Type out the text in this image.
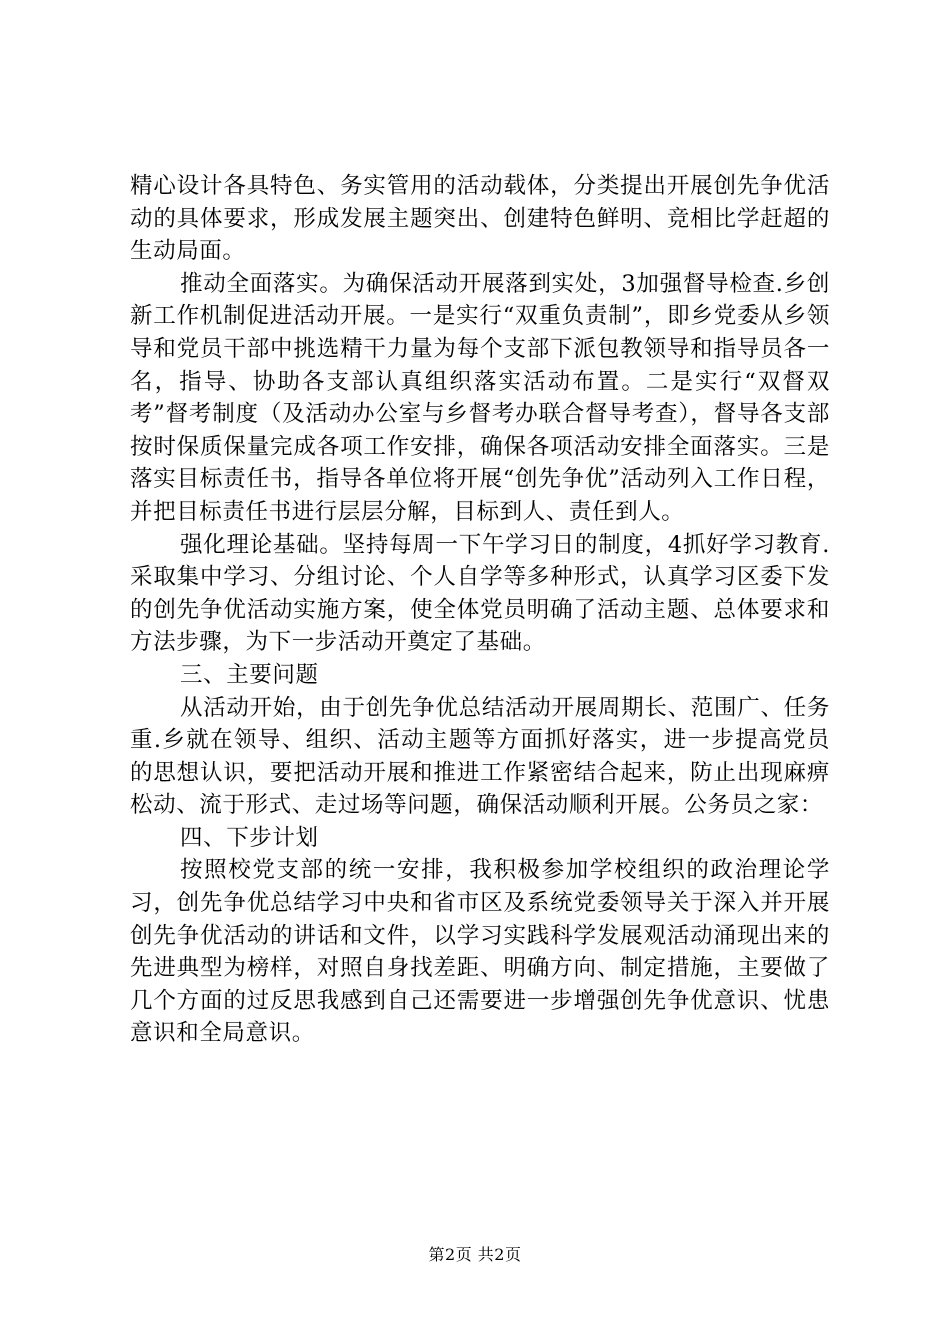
精心设计各具特色、务实管用的活动载体，分类提出开展创先争优活动的具体要求，形成发展主题突出、创建特色鲜明、竞相比学赶超的生动局面。

推动全面落实。为确保活动开展落到实处，3加强督导检查.乡创新工作机制促进活动开展。一是实行“双重负责制”，即乡党委从乡领导和党员干部中挑选精干力量为每个支部下派包教领导和指导员各一名，指导、协助各支部认真组织落实活动布置。二是实行“双督双考”督考制度（及活动办公室与乡督考办联合督导考查），督导各支部按时保质保量完成各项工作安排，确保各项活动安排全面落实。三是落实目标责任书，指导各单位将开展“创先争优”活动列入工作日程，并把目标责任书进行层层分解，目标到人、责任到人。

强化理论基础。坚持每周一下午学习日的制度，4抓好学习教育.采取集中学习、分组讨论、个人自学等多种形式，认真学习区委下发的创先争优活动实施方案，使全体党员明确了活动主题、总体要求和方法步骤，为下一步活动开奠定了基础。

三、主要问题

从活动开始，由于创先争优总结活动开展周期长、范围广、任务重.乡就在领导、组织、活动主题等方面抓好落实，进一步提高党员的思想认识，要把活动开展和推进工作紧密结合起来，防止出现麻痹松动、流于形式、走过场等问题，确保活动顺利开展。公务员之家：

四、下步计划

按照校党支部的统一安排，我积极参加学校组织的政治理论学习，创先争优总结学习中央和省市区及系统党委领导关于深入并开展创先争优活动的讲话和文件，以学习实践科学发展观活动涌现出来的先进典型为榜样，对照自身找差距、明确方向、制定措施，主要做了几个方面的过反思我感到自己还需要进一步增强创先争优意识、忧患意识和全局意识。

第2页 共2页
